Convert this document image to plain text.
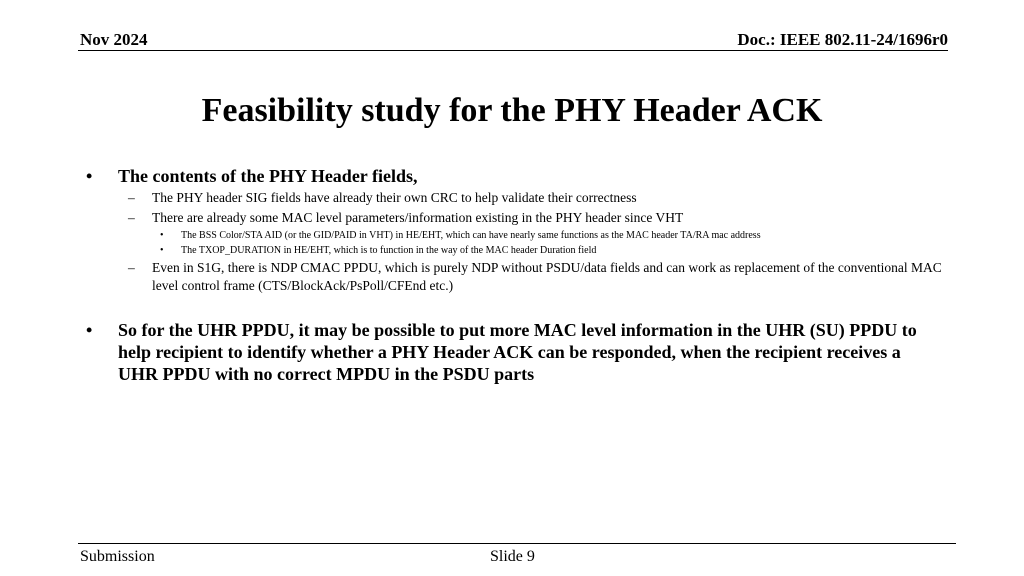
Nov 2024	Doc.: IEEE 802.11-24/1696r0
Feasibility study for the PHY Header ACK
• The contents of the PHY Header fields,
– The PHY header SIG fields have already their own CRC to help validate their correctness
– There are already some MAC level parameters/information existing in the PHY header since VHT
• The BSS Color/STA AID (or the GID/PAID in VHT) in HE/EHT, which can have nearly same functions as the MAC header TA/RA mac address
• The TXOP_DURATION in HE/EHT, which is to function in the way of the MAC header Duration field
– Even in S1G, there is NDP CMAC PPDU, which is purely NDP without PSDU/data fields and can work as replacement of the conventional MAC level control frame (CTS/BlockAck/PsPoll/CFEnd etc.)
• So for the UHR PPDU, it may be possible to put more MAC level information in the UHR (SU) PPDU to help recipient to identify whether a PHY Header ACK can be responded, when the recipient receives a UHR PPDU with no correct MPDU in the PSDU parts
Submission	Slide 9
